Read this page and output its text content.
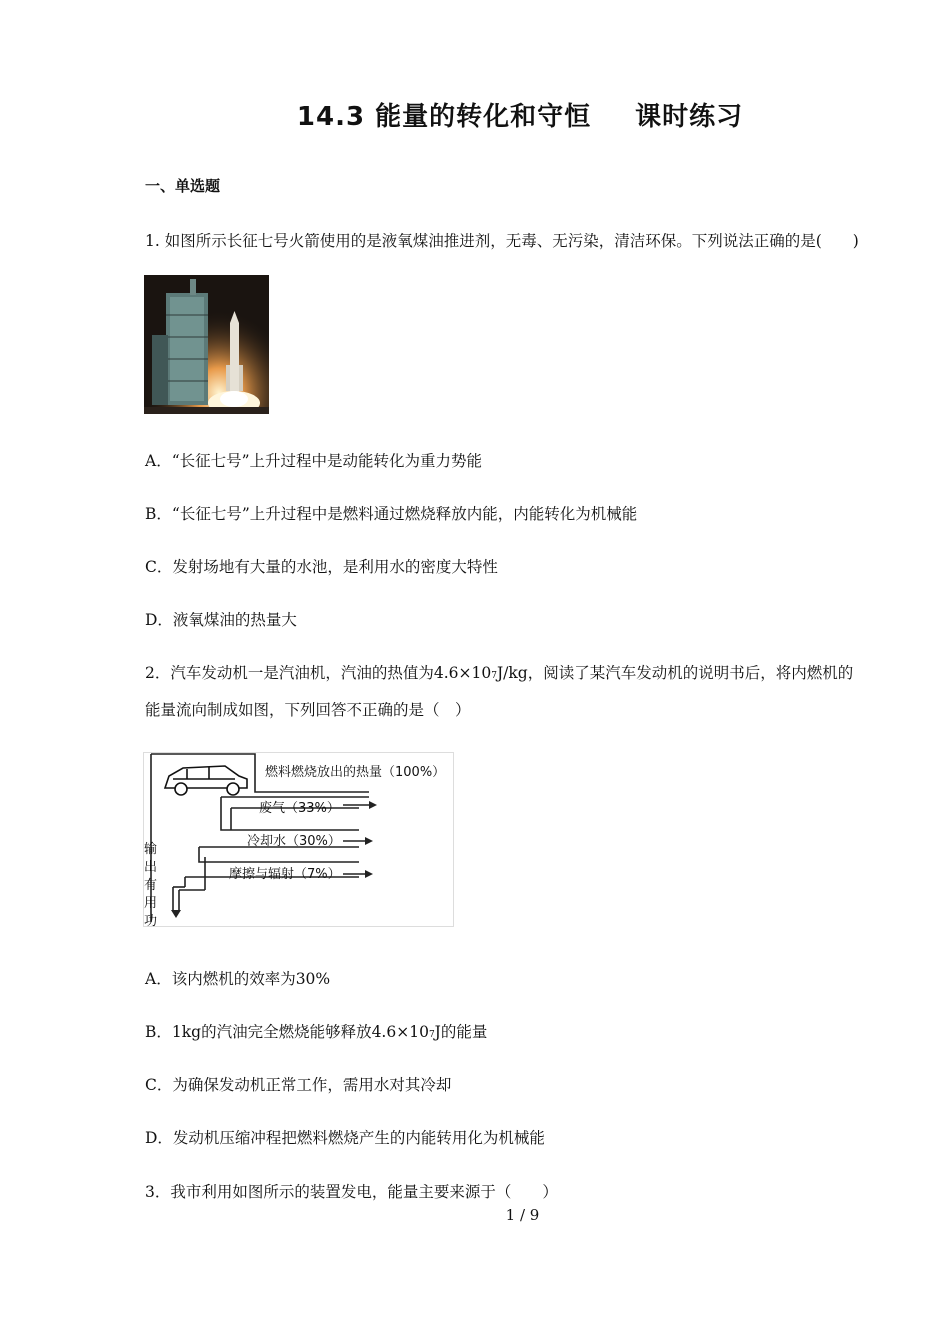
14.3 能量的转化和守恒 课时练习
一、单选题
1. 如图所示长征七号火箭使用的是液氧煤油推进剂，无毒、无污染，清洁环保。下列说法正确的是(　　)
A．“长征七号”上升过程中是动能转化为重力势能
B．“长征七号”上升过程中是燃料通过燃烧释放内能，内能转化为机械能
C．发射场地有大量的水池，是利用水的密度大特性
D．液氧煤油的热量大
2．汽车发动机一是汽油机，汽油的热值为4.6×107J/kg，阅读了某汽车发动机的说明书后，将内燃机的
能量流向制成如图，下列回答不正确的是（　）
燃料燃烧放出的热量（100%）
废气（33%）
冷却水（30%）
摩擦与辐射（7%）
输
出
有
用
功
A．该内燃机的效率为30%
B．1kg的汽油完全燃烧能够释放4.6×107J的能量
C．为确保发动机正常工作，需用水对其冷却
D．发动机压缩冲程把燃料燃烧产生的内能转用化为机械能
3．我市利用如图所示的装置发电，能量主要来源于（　　）
1 / 9
